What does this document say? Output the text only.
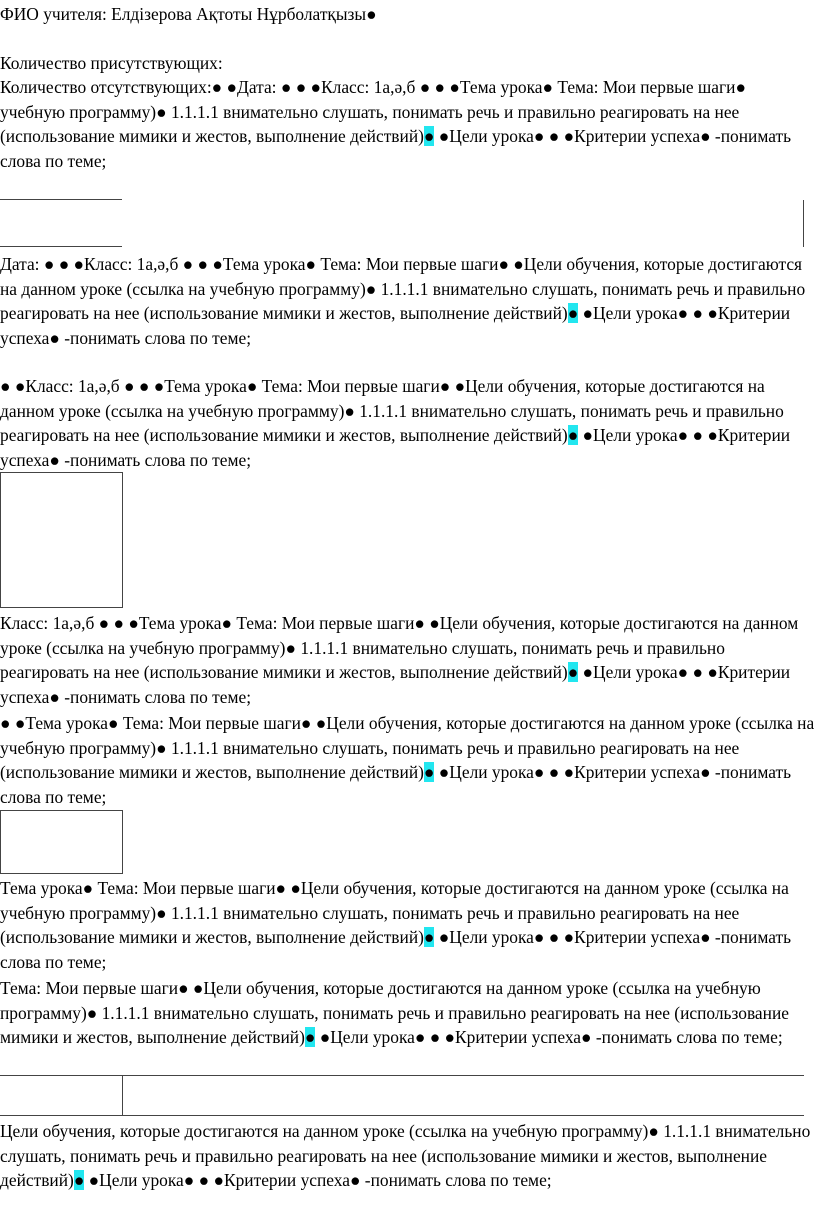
ФИО учителя: Елдізерова Ақтоты Нұрболатқызы●

Количество присутствующих:

Количество отсутствующих:● ●Дата: ● ● ●Класс: 1а,ә,б ● ● ●Тема урока● Тема: Мои первые шаги●
учебную программу)● 1.1.1.1 внимательно слушать, понимать речь и правильно реагировать на нее (использование мимики и жестов, выполнение действий)● ●Цели урока● ● ●Критерии успеха● -понимать слова по теме;

Дата: ● ● ●Класс: 1а,ә,б ● ● ●Тема урока● Тема: Мои первые шаги● ●Цели обучения, которые достигаются на данном уроке (ссылка на учебную программу)● 1.1.1.1 внимательно слушать, понимать речь и правильно реагировать на нее (использование мимики и жестов, выполнение действий)● ●Цели урока● ● ●Критерии успеха● -понимать слова по теме;

● ●Класс: 1а,ә,б ● ● ●Тема урока● Тема: Мои первые шаги● ●Цели обучения, которые достигаются на данном уроке (ссылка на учебную программу)● 1.1.1.1 внимательно слушать, понимать речь и правильно реагировать на нее (использование мимики и жестов, выполнение действий)● ●Цели урока● ● ●Критерии успеха● -понимать слова по теме;

Класс: 1а,ә,б ● ● ●Тема урока● Тема: Мои первые шаги● ●Цели обучения, которые достигаются на данном уроке (ссылка на учебную программу)● 1.1.1.1 внимательно слушать, понимать речь и правильно реагировать на нее (использование мимики и жестов, выполнение действий)● ●Цели урока● ● ●Критерии успеха● -понимать слова по теме;

● ●Тема урока● Тема: Мои первые шаги● ●Цели обучения, которые достигаются на данном уроке (ссылка на учебную программу)● 1.1.1.1 внимательно слушать, понимать речь и правильно реагировать на нее (использование мимики и жестов, выполнение действий)● ●Цели урока● ● ●Критерии успеха● -понимать слова по теме;

Тема урока● Тема: Мои первые шаги● ●Цели обучения, которые достигаются на данном уроке (ссылка на учебную программу)● 1.1.1.1 внимательно слушать, понимать речь и правильно реагировать на нее (использование мимики и жестов, выполнение действий)● ●Цели урока● ● ●Критерии успеха● -понимать слова по теме;

Тема: Мои первые шаги● ●Цели обучения, которые достигаются на данном уроке (ссылка на учебную программу)● 1.1.1.1 внимательно слушать, понимать речь и правильно реагировать на нее (использование мимики и жестов, выполнение действий)● ●Цели урока● ● ●Критерии успеха● -понимать слова по теме;

Цели обучения, которые достигаются на данном уроке (ссылка на учебную программу)● 1.1.1.1 внимательно слушать, понимать речь и правильно реагировать на нее (использование мимики и жестов, выполнение действий)● ●Цели урока● ● ●Критерии успеха● -понимать слова по теме;
